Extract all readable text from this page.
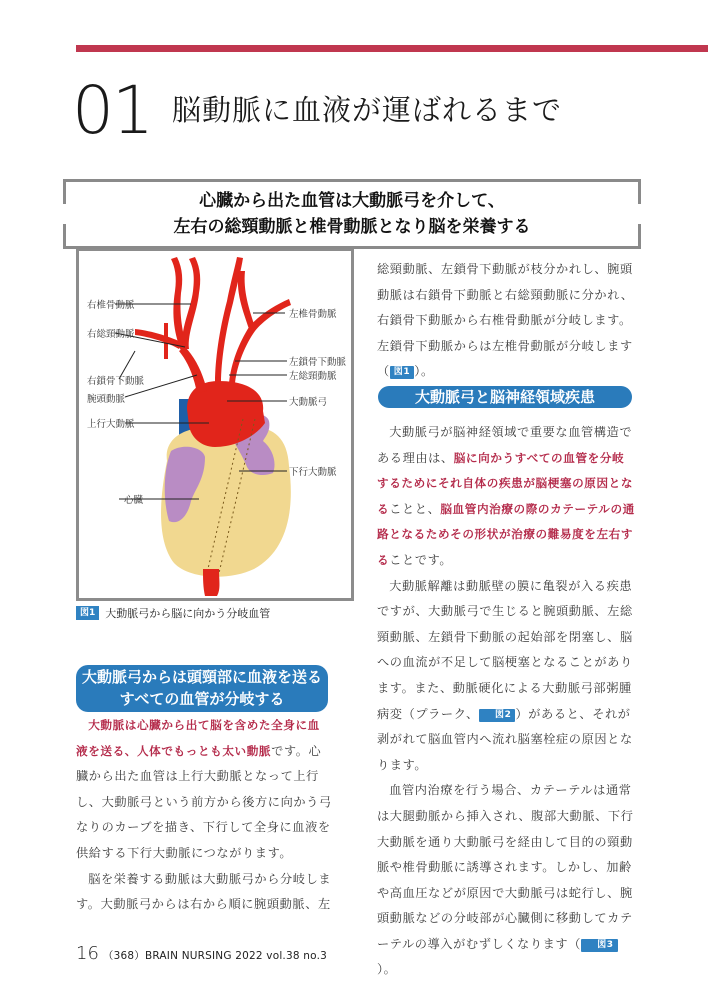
01 脳動脈に血液が運ばれるまで
心臓から出た血管は大動脈弓を介して、
左右の総頸動脈と椎骨動脈となり脳を栄養する
右椎骨動脈
右総頸動脈
右鎖骨下動脈
腕頭動脈
上行大動脈
心臓
左椎骨動脈
左鎖骨下動脈
左総頸動脈
大動脈弓
下行大動脈
図1 大動脈弓から脳に向かう分岐血管
大動脈弓からは頭頸部に血液を送る
すべての血管が分岐する

大動脈は心臓から出て脳を含めた全身に血液を送る、人体でもっとも太い動脈です。心臓から出た血管は上行大動脈となって上行し、大動脈弓という前方から後方に向かう弓なりのカーブを描き、下行して全身に血液を供給する下行大動脈につながります。

脳を栄養する動脈は大動脈弓から分岐します。大動脈弓からは右から順に腕頭動脈、左

総頸動脈、左鎖骨下動脈が枝分かれし、腕頭動脈は右鎖骨下動脈と右総頸動脈に分かれ、右鎖骨下動脈から右椎骨動脈が分岐します。左鎖骨下動脈からは左椎骨動脈が分岐します（ 図1 ）。

大動脈弓と脳神経領域疾患

大動脈弓が脳神経領域で重要な血管構造である理由は、脳に向かうすべての血管を分岐するためにそれ自体の疾患が脳梗塞の原因となることと、脳血管内治療の際のカテーテルの通路となるためその形状が治療の難易度を左右することです。

大動脈解離は動脈壁の膜に亀裂が入る疾患ですが、大動脈弓で生じると腕頭動脈、左総頸動脈、左鎖骨下動脈の起始部を閉塞し、脳への血流が不足して脳梗塞となることがあります。また、動脈硬化による大動脈弓部粥腫病変（プラーク、 図2 ）があると、それが剥がれて脳血管内へ流れ脳塞栓症の原因となります。

血管内治療を行う場合、カテーテルは通常は大腿動脈から挿入され、腹部大動脈、下行大動脈を通り大動脈弓を経由して目的の頸動脈や椎骨動脈に誘導されます。しかし、加齢や高血圧などが原因で大動脈弓は蛇行し、腕頭動脈などの分岐部が心臓側に移動してカテーテルの導入がむずしくなります（ 図3）。

16 （368）BRAIN NURSING 2022 vol.38 no.3
